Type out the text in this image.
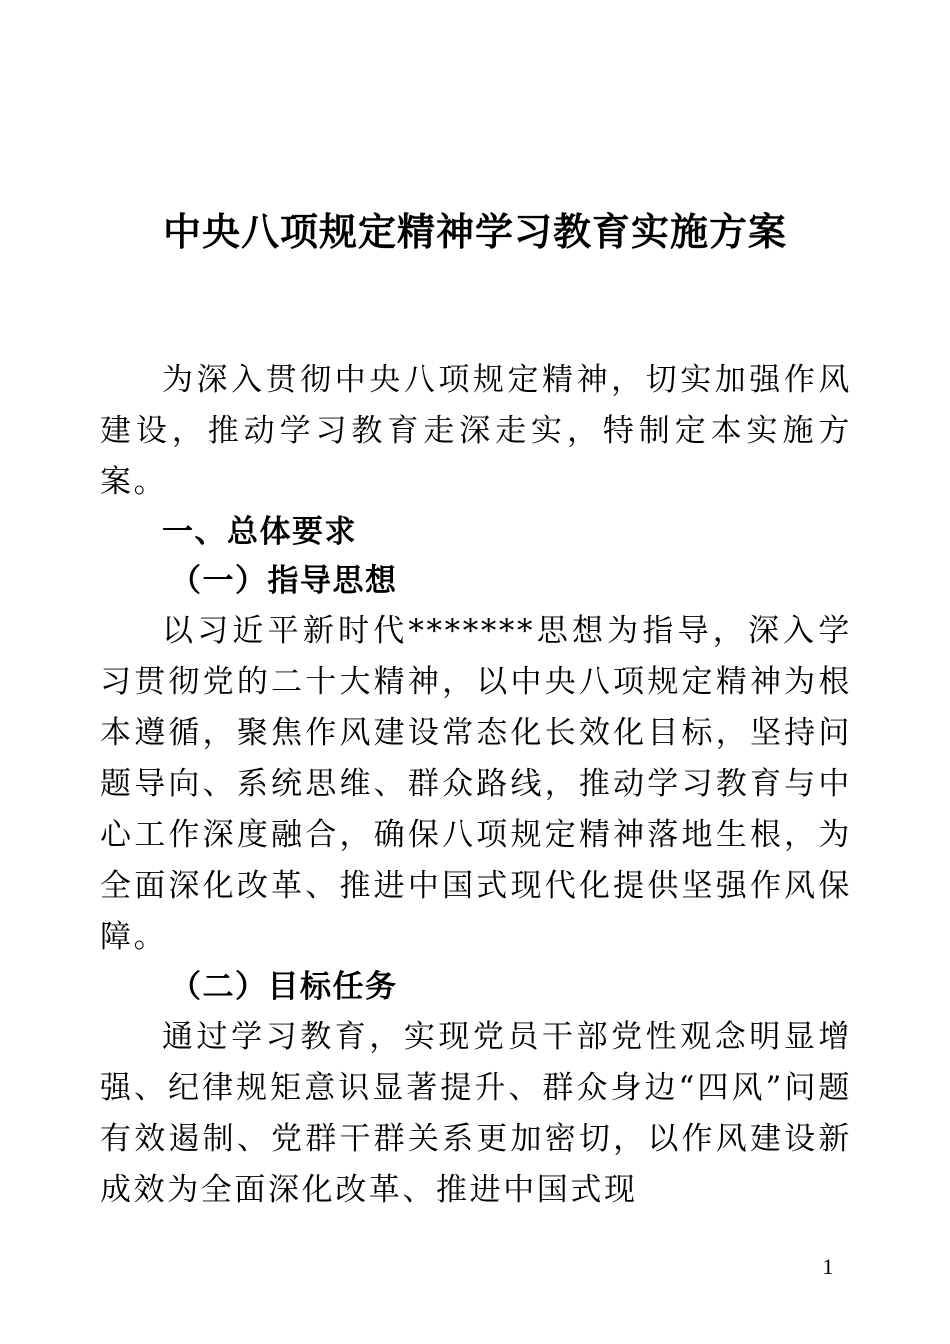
中央八项规定精神学习教育实施方案

为深入贯彻中央八项规定精神，切实加强作风建设，推动学习教育走深走实，特制定本实施方案。

一、总体要求

（一）指导思想

以习近平新时代*******思想为指导，深入学习贯彻党的二十大精神，以中央八项规定精神为根本遵循，聚焦作风建设常态化长效化目标，坚持问题导向、系统思维、群众路线，推动学习教育与中心工作深度融合，确保八项规定精神落地生根，为全面深化改革、推进中国式现代化提供坚强作风保障。

（二）目标任务

通过学习教育，实现党员干部党性观念明显增强、纪律规矩意识显著提升、群众身边“四风”问题有效遏制、党群干群关系更加密切，以作风建设新成效为全面深化改革、推进中国式现

1
